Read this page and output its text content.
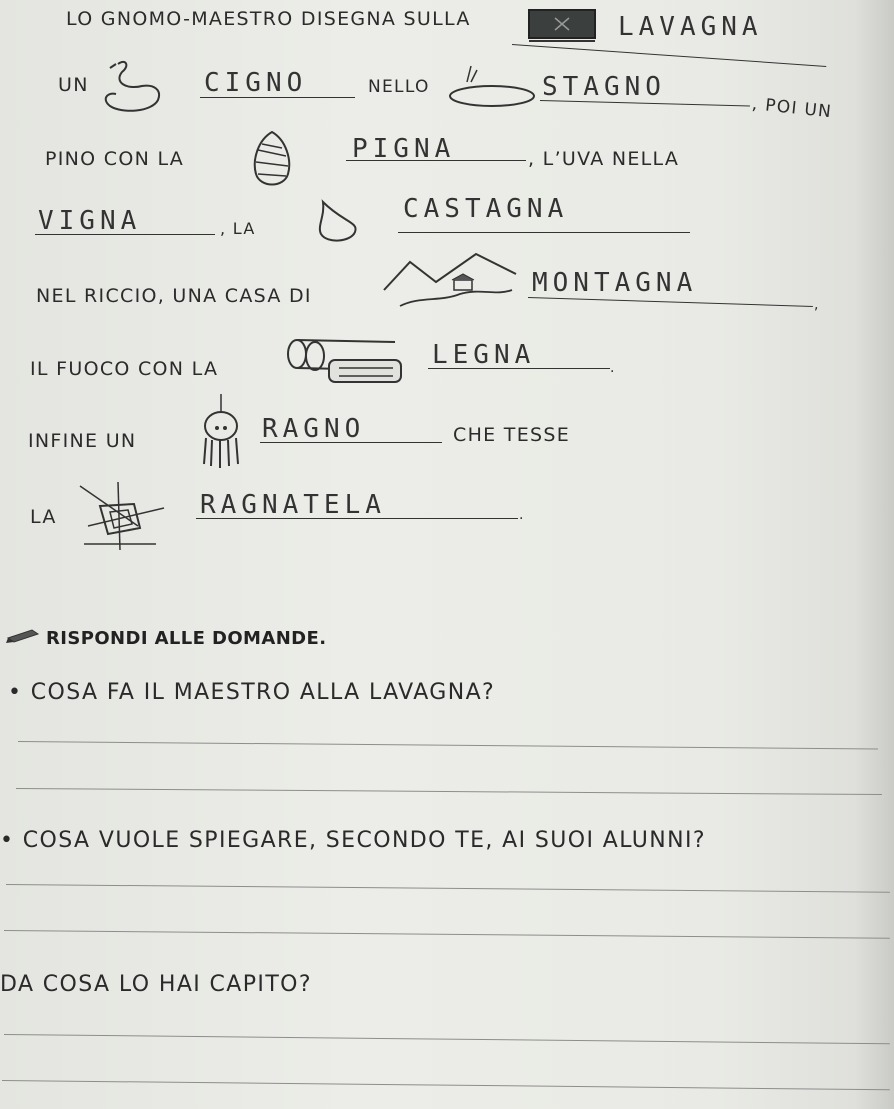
LO GNOMO-MAESTRO DISEGNA SULLA	LAVAGNA
UN	CIGNO	NELLO	STAGNO
, POI UN
PINO CON LA	PIGNA	, L’UVA NELLA
VIGNA	, LA
CASTAGNA
NEL RICCIO, UNA CASA DI	MONTAGNA
,
IL FUOCO CON LA	LEGNA	.
INFINE UN	RAGNO	CHE TESSE
LA	RAGNATELA	.
RISPONDI ALLE DOMANDE.
• COSA FA IL MAESTRO ALLA LAVAGNA?
• COSA VUOLE SPIEGARE, SECONDO TE, AI SUOI ALUNNI?
DA COSA LO HAI CAPITO?
